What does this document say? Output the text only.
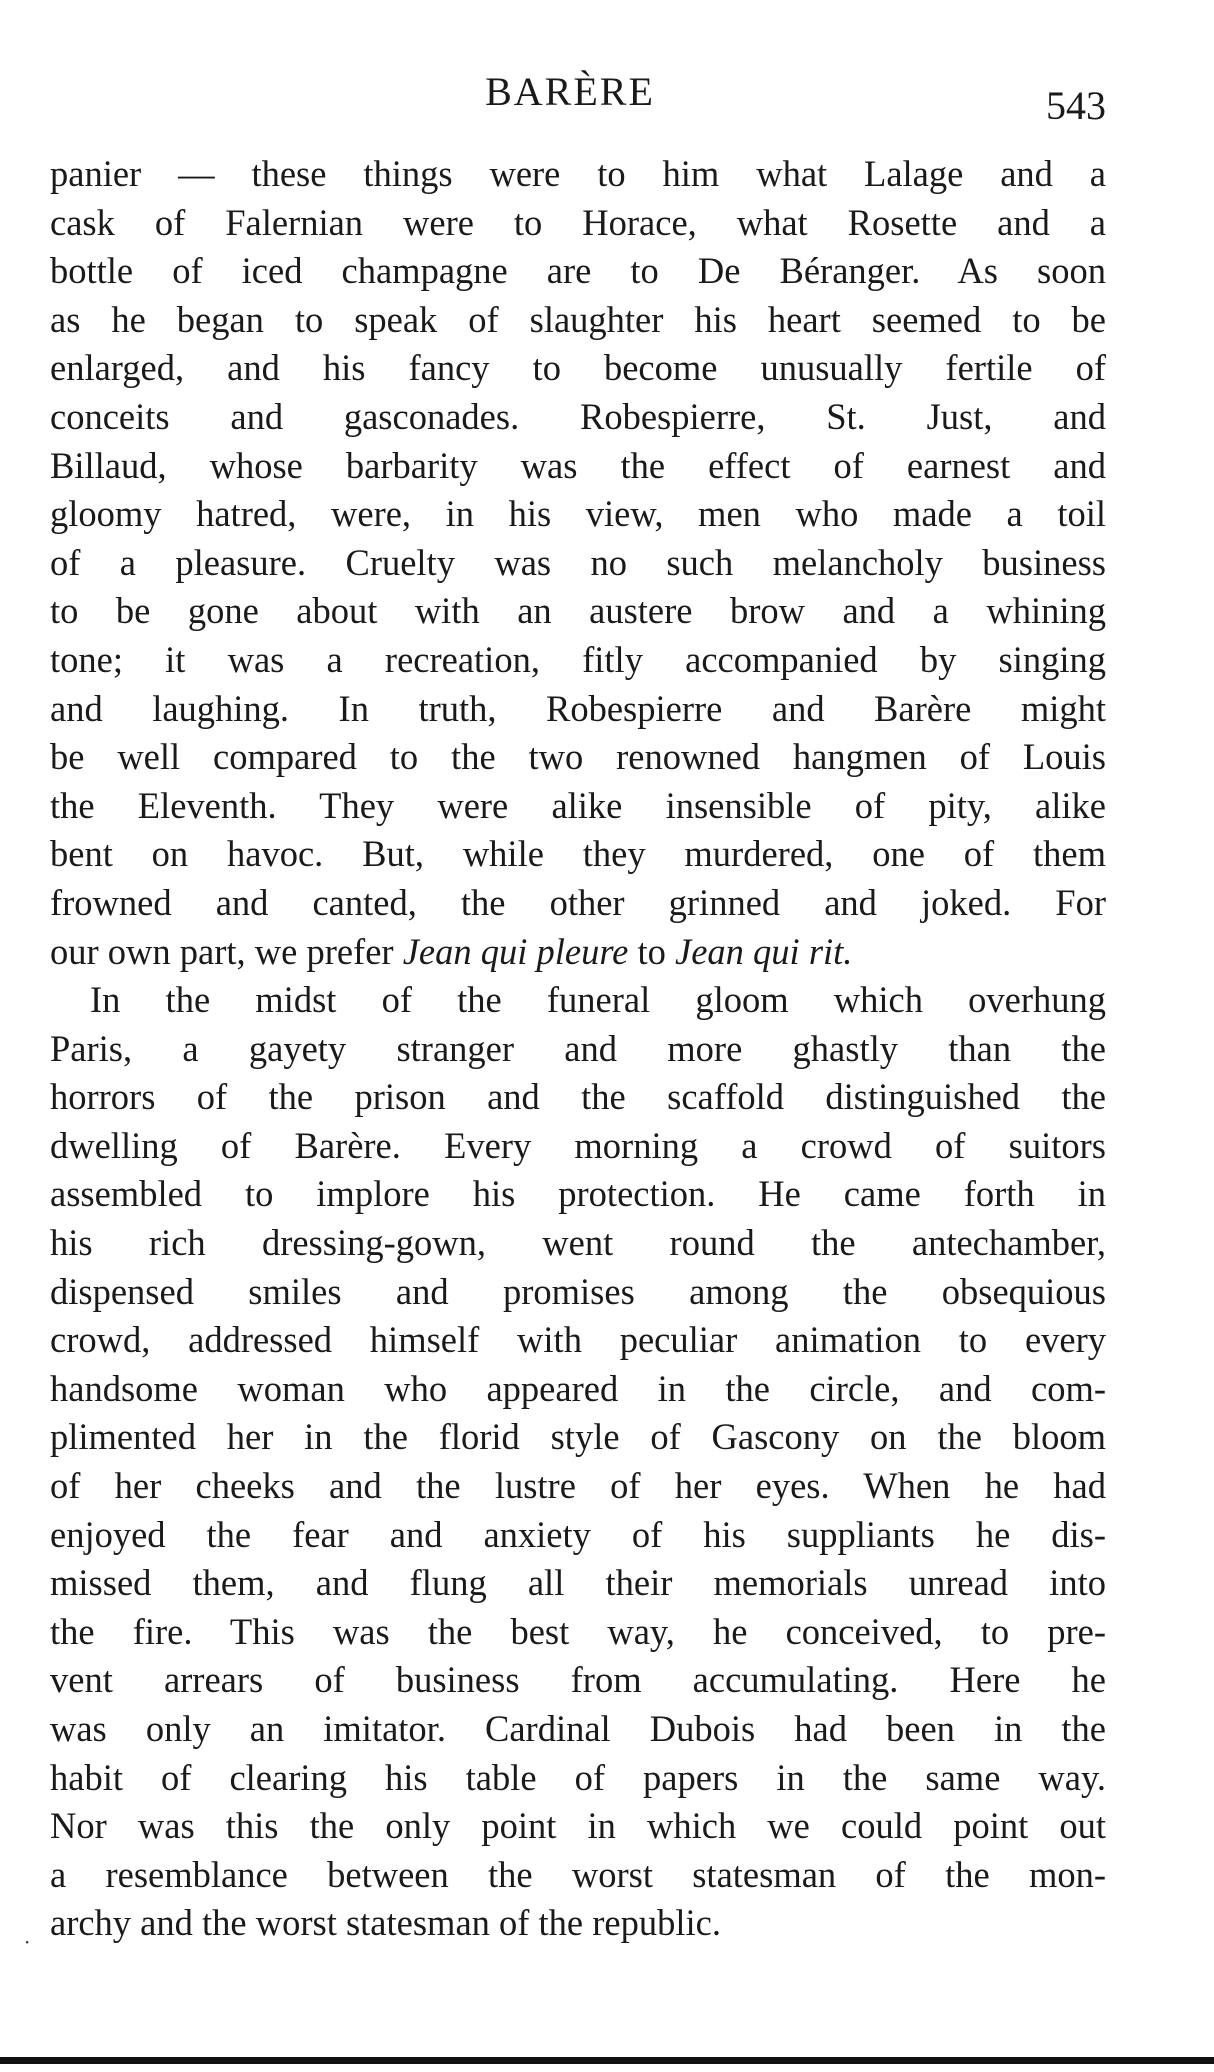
BARÈRE	543
panier — these things were to him what Lalage and a
cask of Falernian were to Horace, what Rosette and a
bottle of iced champagne are to De Béranger. As soon
as he began to speak of slaughter his heart seemed to be
enlarged, and his fancy to become unusually fertile of
conceits and gasconades. Robespierre, St. Just, and
Billaud, whose barbarity was the effect of earnest and
gloomy hatred, were, in his view, men who made a toil
of a pleasure. Cruelty was no such melancholy business
to be gone about with an austere brow and a whining
tone; it was a recreation, fitly accompanied by singing
and laughing. In truth, Robespierre and Barère might
be well compared to the two renowned hangmen of Louis
the Eleventh. They were alike insensible of pity, alike
bent on havoc. But, while they murdered, one of them
frowned and canted, the other grinned and joked. For
our own part, we prefer Jean qui pleure to Jean qui rit.
In the midst of the funeral gloom which overhung
Paris, a gayety stranger and more ghastly than the
horrors of the prison and the scaffold distinguished the
dwelling of Barère. Every morning a crowd of suitors
assembled to implore his protection. He came forth in
his rich dressing-gown, went round the antechamber,
dispensed smiles and promises among the obsequious
crowd, addressed himself with peculiar animation to every
handsome woman who appeared in the circle, and com-
plimented her in the florid style of Gascony on the bloom
of her cheeks and the lustre of her eyes. When he had
enjoyed the fear and anxiety of his suppliants he dis-
missed them, and flung all their memorials unread into
the fire. This was the best way, he conceived, to pre-
vent arrears of business from accumulating. Here he
was only an imitator. Cardinal Dubois had been in the
habit of clearing his table of papers in the same way.
Nor was this the only point in which we could point out
a resemblance between the worst statesman of the mon-
archy and the worst statesman of the republic.
·
